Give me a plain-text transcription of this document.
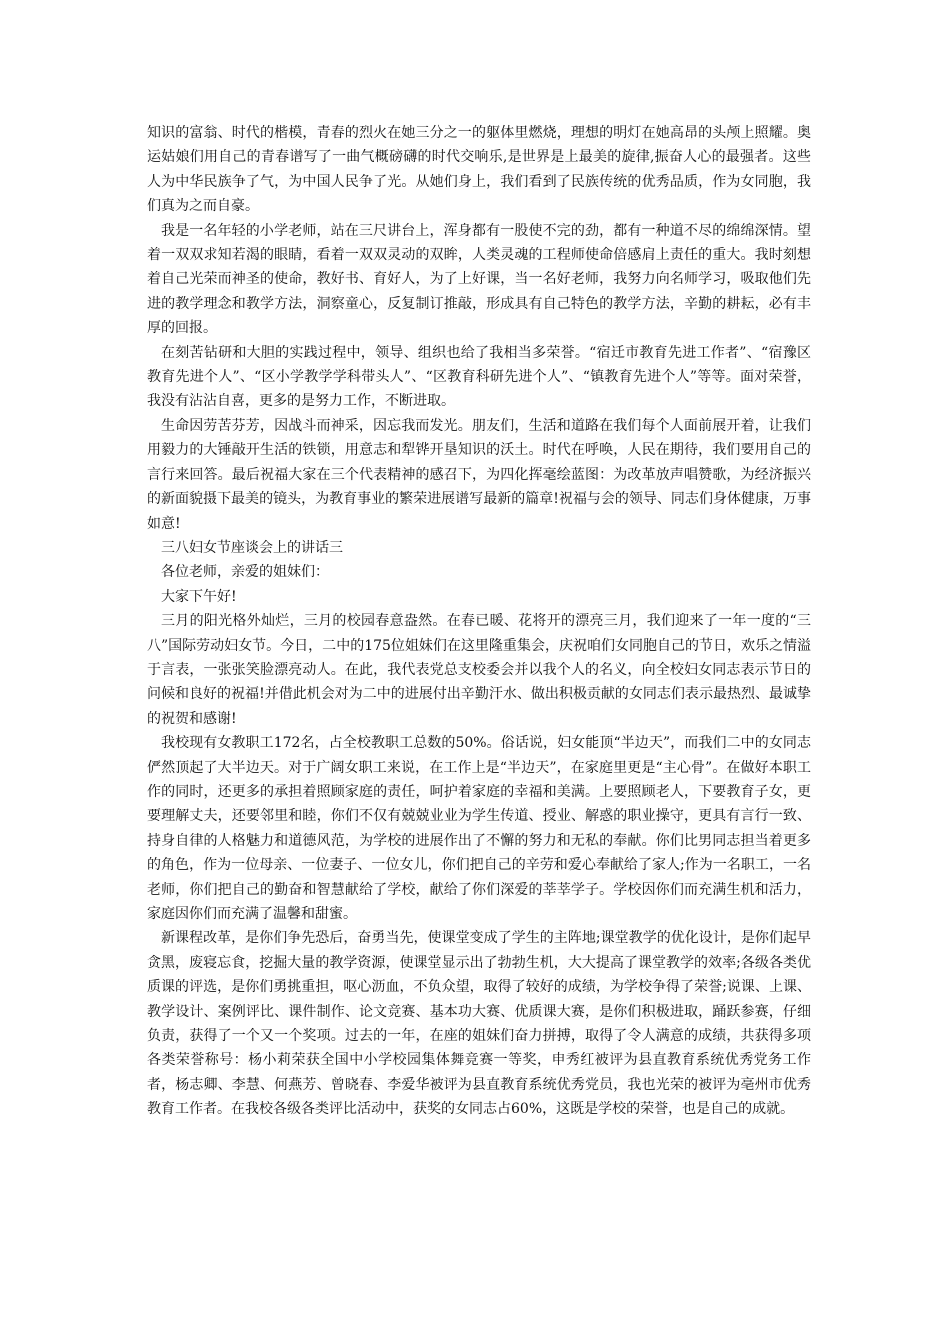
知识的富翁、时代的楷模，青春的烈火在她三分之一的躯体里燃烧，理想的明灯在她高昂的头颅上照耀。奥运姑娘们用自己的青春谱写了一曲气概磅礴的时代交响乐,是世界是上最美的旋律,振奋人心的最强者。这些人为中华民族争了气，为中国人民争了光。从她们身上，我们看到了民族传统的优秀品质，作为女同胞，我们真为之而自豪。

我是一名年轻的小学老师，站在三尺讲台上，浑身都有一股使不完的劲，都有一种道不尽的绵绵深情。望着一双双求知若渴的眼睛，看着一双双灵动的双眸，人类灵魂的工程师使命倍感肩上责任的重大。我时刻想着自己光荣而神圣的使命，教好书、育好人，为了上好课，当一名好老师，我努力向名师学习，吸取他们先进的教学理念和教学方法，洞察童心，反复制订推敲，形成具有自己特色的教学方法，辛勤的耕耘，必有丰厚的回报。

在刻苦钻研和大胆的实践过程中，领导、组织也给了我相当多荣誉。“宿迁市教育先进工作者”、“宿豫区教育先进个人”、“区小学教学学科带头人”、“区教育科研先进个人”、“镇教育先进个人”等等。面对荣誉，我没有沾沾自喜，更多的是努力工作，不断进取。

生命因劳苦芬芳，因战斗而神采，因忘我而发光。朋友们，生活和道路在我们每个人面前展开着，让我们用毅力的大锤敲开生活的铁锁，用意志和犁铧开垦知识的沃土。时代在呼唤，人民在期待，我们要用自己的言行来回答。最后祝福大家在三个代表精神的感召下，为四化挥毫绘蓝图：为改革放声唱赞歌，为经济振兴的新面貌摄下最美的镜头，为教育事业的繁荣进展谱写最新的篇章!祝福与会的领导、同志们身体健康，万事如意!

三八妇女节座谈会上的讲话三

各位老师，亲爱的姐妹们：

大家下午好!

三月的阳光格外灿烂，三月的校园春意盎然。在春已暖、花将开的漂亮三月，我们迎来了一年一度的“三八”国际劳动妇女节。今日，二中的175位姐妹们在这里隆重集会，庆祝咱们女同胞自己的节日，欢乐之情溢于言表，一张张笑脸漂亮动人。在此，我代表党总支校委会并以我个人的名义，向全校妇女同志表示节日的问候和良好的祝福!并借此机会对为二中的进展付出辛勤汗水、做出积极贡献的女同志们表示最热烈、最诚挚的祝贺和感谢!

我校现有女教职工172名，占全校教职工总数的50%。俗话说，妇女能顶“半边天”，而我们二中的女同志俨然顶起了大半边天。对于广阔女职工来说，在工作上是“半边天”，在家庭里更是“主心骨”。在做好本职工作的同时，还更多的承担着照顾家庭的责任，呵护着家庭的幸福和美满。上要照顾老人，下要教育子女，更要理解丈夫，还要邻里和睦，你们不仅有兢兢业业为学生传道、授业、解惑的职业操守，更具有言行一致、持身自律的人格魅力和道德风范，为学校的进展作出了不懈的努力和无私的奉献。你们比男同志担当着更多的角色，作为一位母亲、一位妻子、一位女儿，你们把自己的辛劳和爱心奉献给了家人;作为一名职工，一名老师，你们把自己的勤奋和智慧献给了学校，献给了你们深爱的莘莘学子。学校因你们而充满生机和活力，家庭因你们而充满了温馨和甜蜜。

新课程改革，是你们争先恐后，奋勇当先，使课堂变成了学生的主阵地;课堂教学的优化设计，是你们起早贪黑，废寝忘食，挖掘大量的教学资源，使课堂显示出了勃勃生机，大大提高了课堂教学的效率;各级各类优质课的评选，是你们勇挑重担，呕心沥血，不负众望，取得了较好的成绩，为学校争得了荣誉;说课、上课、教学设计、案例评比、课件制作、论文竞赛、基本功大赛、优质课大赛，是你们积极进取，踊跃参赛，仔细负责，获得了一个又一个奖项。过去的一年，在座的姐妹们奋力拼搏，取得了令人满意的成绩，共获得多项各类荣誉称号：杨小莉荣获全国中小学校园集体舞竞赛一等奖，申秀红被评为县直教育系统优秀党务工作者，杨志卿、李慧、何燕芳、曾晓春、李爱华被评为县直教育系统优秀党员，我也光荣的被评为亳州市优秀教育工作者。在我校各级各类评比活动中，获奖的女同志占60%，这既是学校的荣誉，也是自己的成就。
